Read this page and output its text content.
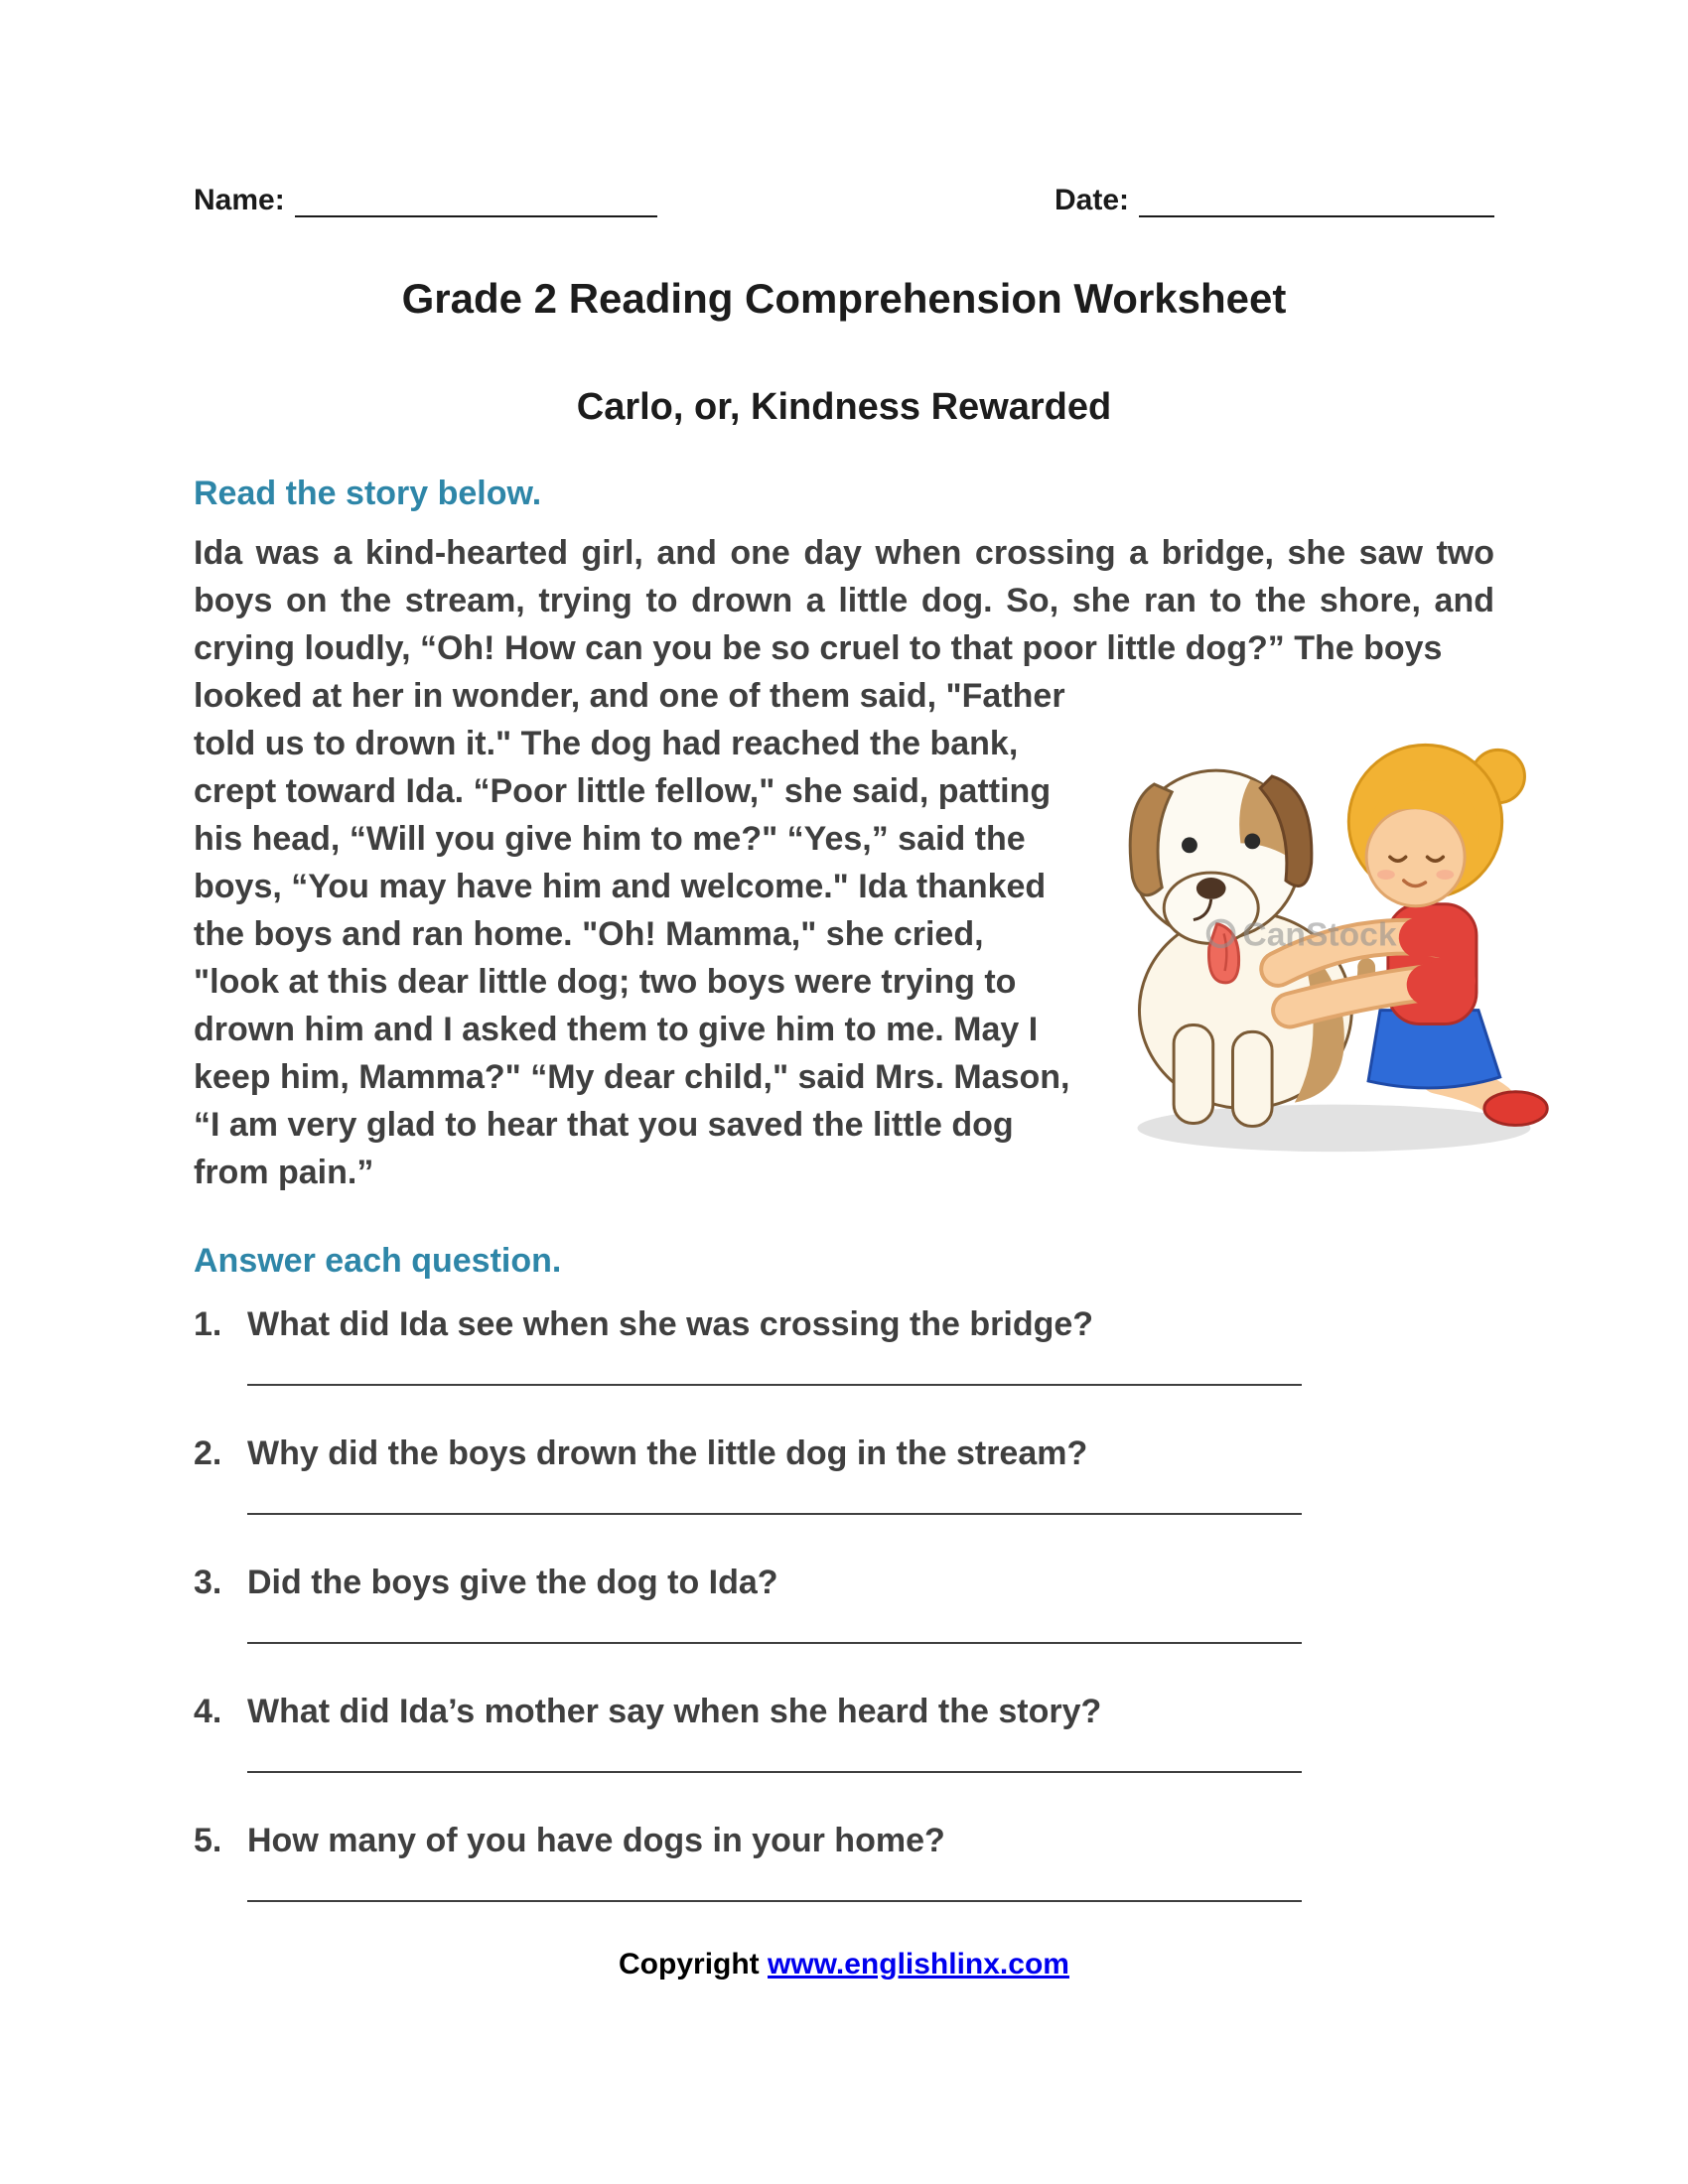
Name:	Date:
Grade 2 Reading Comprehension Worksheet
Carlo, or, Kindness Rewarded
Read the story below.
Ida was a kind-hearted girl, and one day when crossing a bridge, she saw two boys on the stream, trying to drown a little dog. So, she ran to the shore, and crying loudly, “Oh! How can you be so cruel to that poor little dog?” The boys
CanStock
looked at her in wonder, and one of them said, "Father told us to drown it." The dog had reached the bank, crept toward Ida. “Poor little fellow," she said, patting his head, “Will you give him to me?" “Yes,” said the boys, “You may have him and welcome." Ida thanked the boys and ran home. "Oh! Mamma," she cried, "look at this dear little dog; two boys were trying to drown him and I asked them to give him to me. May I keep him, Mamma?" “My dear child," said Mrs. Mason, “I am very glad to hear that you saved the little dog from pain.”
Answer each question.
1. What did Ida see when she was crossing the bridge?
2. Why did the boys drown the little dog in the stream?
3. Did the boys give the dog to Ida?
4. What did Ida’s mother say when she heard the story?
5. How many of you have dogs in your home?
Copyright www.englishlinx.com
